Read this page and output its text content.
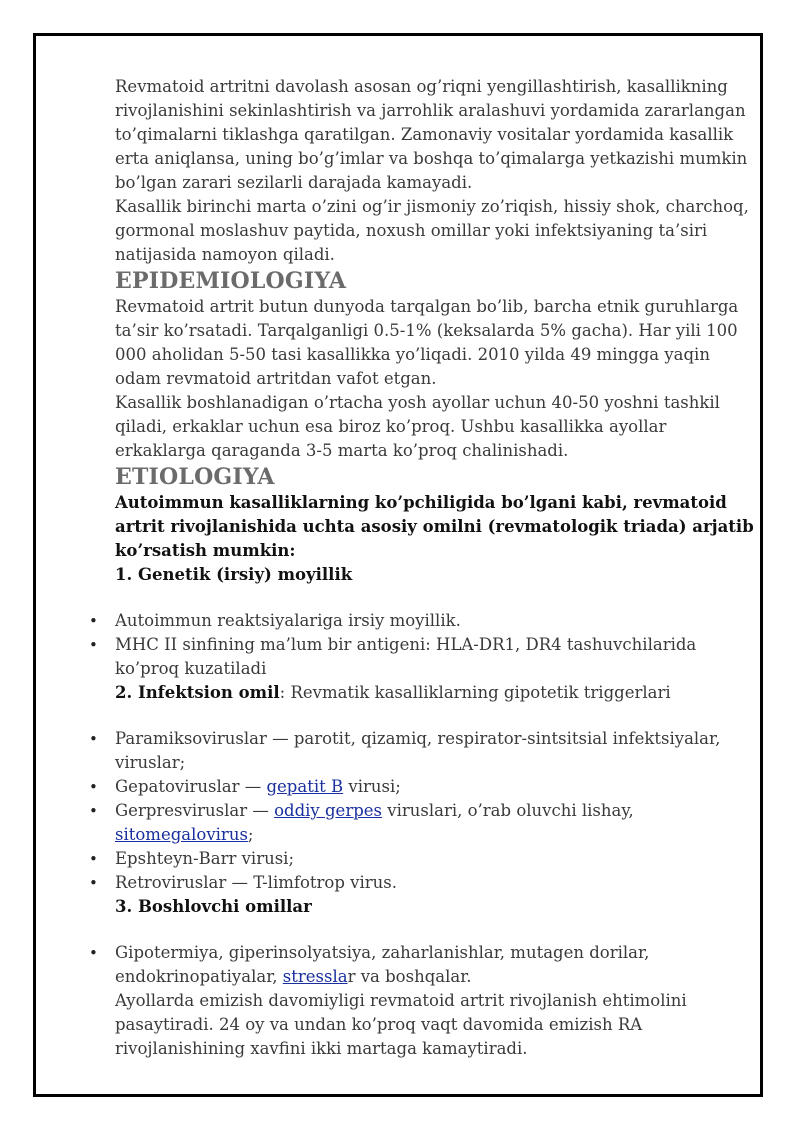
Revmatoid artritni davolash asosan og’riqni yengillashtirish, kasallikning rivojlanishini sekinlashtirish va jarrohlik aralashuvi yordamida zararlangan to’qimalarni tiklashga qaratilgan. Zamonaviy vositalar yordamida kasallik erta aniqlansa, uning bo’g’imlar va boshqa to’qimalarga yetkazishi mumkin bo’lgan zarari sezilarli darajada kamayadi.

Kasallik birinchi marta o’zini og’ir jismoniy zo’riqish, hissiy shok, charchoq, gormonal moslashuv paytida, noxush omillar yoki infektsiyaning ta’siri natijasida namoyon qiladi.

EPIDEMIOLOGIYA

Revmatoid artrit butun dunyoda tarqalgan bo’lib, barcha etnik guruhlarga ta’sir ko’rsatadi. Tarqalganligi 0.5-1% (keksalarda 5% gacha). Har yili 100 000 aholidan 5-50 tasi kasallikka yo’liqadi. 2010 yilda 49 mingga yaqin odam revmatoid artritdan vafot etgan.

Kasallik boshlanadigan o’rtacha yosh ayollar uchun 40-50 yoshni tashkil qiladi, erkaklar uchun esa biroz ko’proq. Ushbu kasallikka ayollar erkaklarga qaraganda 3-5 marta ko’proq chalinishadi.

ETIOLOGIYA

Autoimmun kasalliklarning ko’pchiligida bo’lgani kabi, revmatoid artrit rivojlanishida uchta asosiy omilni (revmatologik triada) arjatib ko’rsatish mumkin:

1. Genetik (irsiy) moyillik

• Autoimmun reaktsiyalariga irsiy moyillik.
• MHC II sinfining ma’lum bir antigeni: HLA-DR1, DR4 tashuvchilarida ko’proq kuzatiladi
2. Infektsion omil: Revmatik kasalliklarning gipotetik triggerlari
• Paramiksoviruslar — parotit, qizamiq, respirator-sintsitsial infektsiyalar, viruslar;
• Gepatoviruslar — gepatit B virusi;
• Gerpresviruslar — oddiy gerpes viruslari, o’rab oluvchi lishay, sitomegalovirus;
• Epshteyn-Barr virusi;
• Retroviruslar — T-limfotrop virus.
3. Boshlovchi omillar
• Gipotermiya, giperinsolyatsiya, zaharlanishlar, mutagen dorilar, endokrinopatiyalar, stresslar va boshqalar.
Ayollarda emizish davomiyligi revmatoid artrit rivojlanish ehtimolini pasaytiradi. 24 oy va undan ko’proq vaqt davomida emizish RA rivojlanishining xavfini ikki martaga kamaytiradi.
